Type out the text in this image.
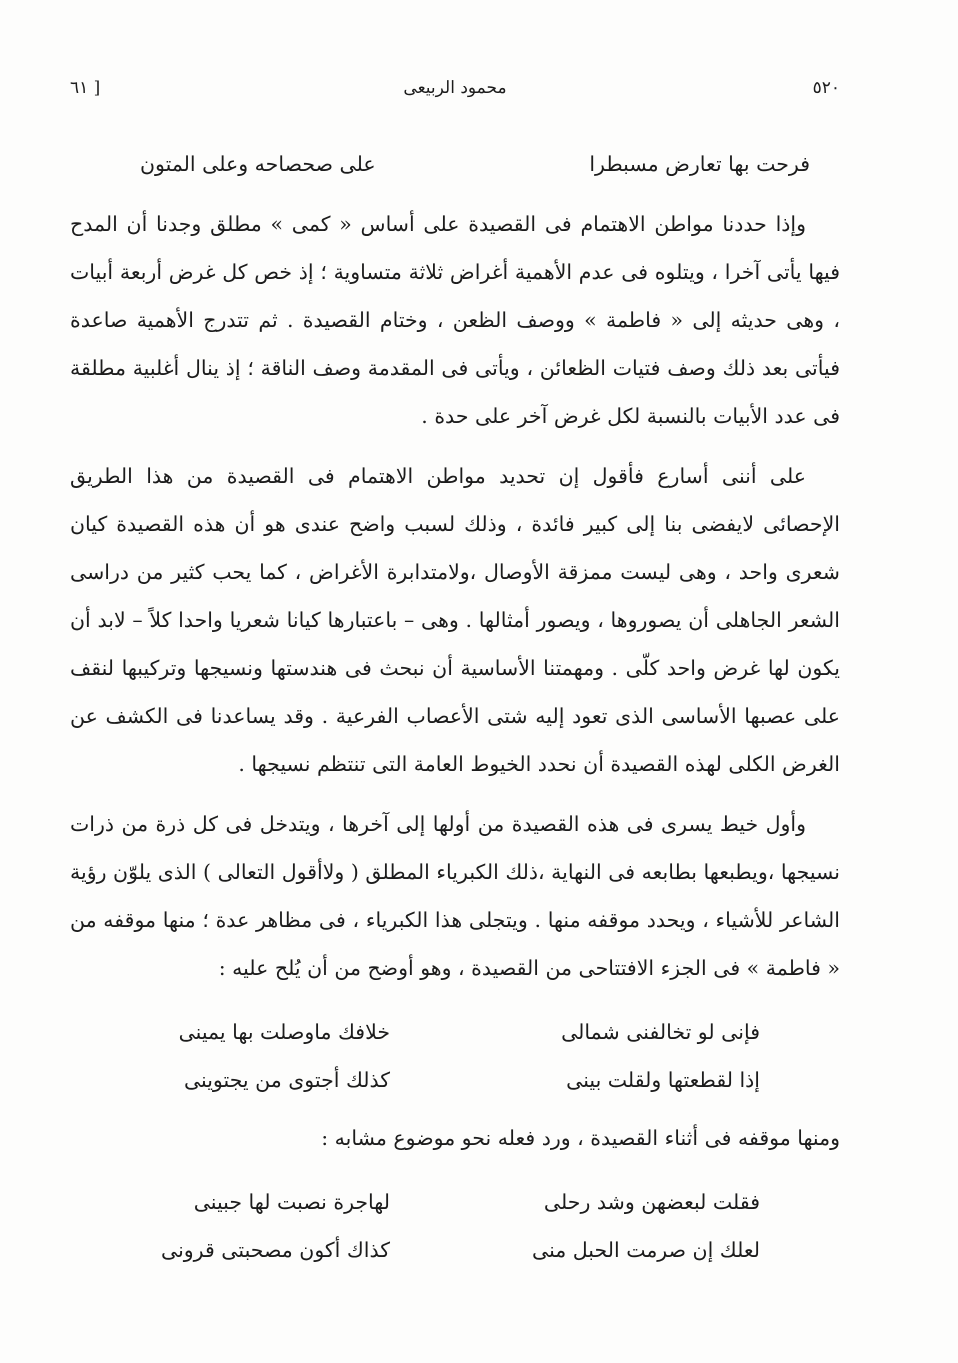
٥٢٠
محمود الربيعى
[ ٦١
فرحت بها تعارض مسبطرا
على صحصاحه وعلى المتون

وإذا حددنا مواطن الاهتمام فى القصيدة على أساس « كمى » مطلق وجدنا أن المدح فيها يأتى آخرا ، ويتلوه فى عدم الأهمية أغراض ثلاثة متساوية ؛ إذ خص كل غرض أربعة أبيات ، وهى حديثه إلى « فاطمة » ووصف الظعن ، وختام القصيدة . ثم تتدرج الأهمية صاعدة فيأتى بعد ذلك وصف فتيات الظعائن ، ويأتى فى المقدمة وصف الناقة ؛ إذ ينال أغلبية مطلقة فى عدد الأبيات بالنسبة لكل غرض آخر على حدة .

على أننى أسارع فأقول إن تحديد مواطن الاهتمام فى القصيدة من هذا الطريق الإحصائى لايفضى بنا إلى كبير فائدة ، وذلك لسبب واضح عندى هو أن هذه القصيدة كيان شعرى واحد ، وهى ليست ممزقة الأوصال ،ولامتدابرة الأغراض ، كما يحب كثير من دراسى الشعر الجاهلى أن يصوروها ، ويصور أمثالها . وهى – باعتبارها كيانا شعريا واحدا كلاً – لابد أن يكون لها غرض واحد كلّى . ومهمتنا الأساسية أن نبحث فى هندستها ونسيجها وتركيبها لنقف على عصبها الأساسى الذى تعود إليه شتى الأعصاب الفرعية . وقد يساعدنا فى الكشف عن الغرض الكلى لهذه القصيدة أن نحدد الخيوط العامة التى تنتظم نسيجها .

وأول خيط يسرى فى هذه القصيدة من أولها إلى آخرها ، ويتدخل فى كل ذرة من ذرات نسيجها ،ويطبعها بطابعه فى النهاية ،ذلك الكبرياء المطلق ( ولاأقول التعالى ) الذى يلوّن رؤية الشاعر للأشياء ، ويحدد موقفه منها . ويتجلى هذا الكبرياء ، فى مظاهر عدة ؛ منها موقفه من « فاطمة » فى الجزء الافتتاحى من القصيدة ، وهو أوضح من أن يُلح عليه :

فإنى لو تخالفنى شمالى
خلافك ماوصلت بها يمينى
إذا لقطعتها ولقلت بينى
كذلك أجتوى من يجتوينى

ومنها موقفه فى أثناء القصيدة ، ورد فعله نحو موضوع مشابه :

فقلت لبعضهن وشد رحلى
لهاجرة نصبت لها جبينى
لعلك إن صرمت الحبل منى
كذاك أكون مصحبتى قرونى
